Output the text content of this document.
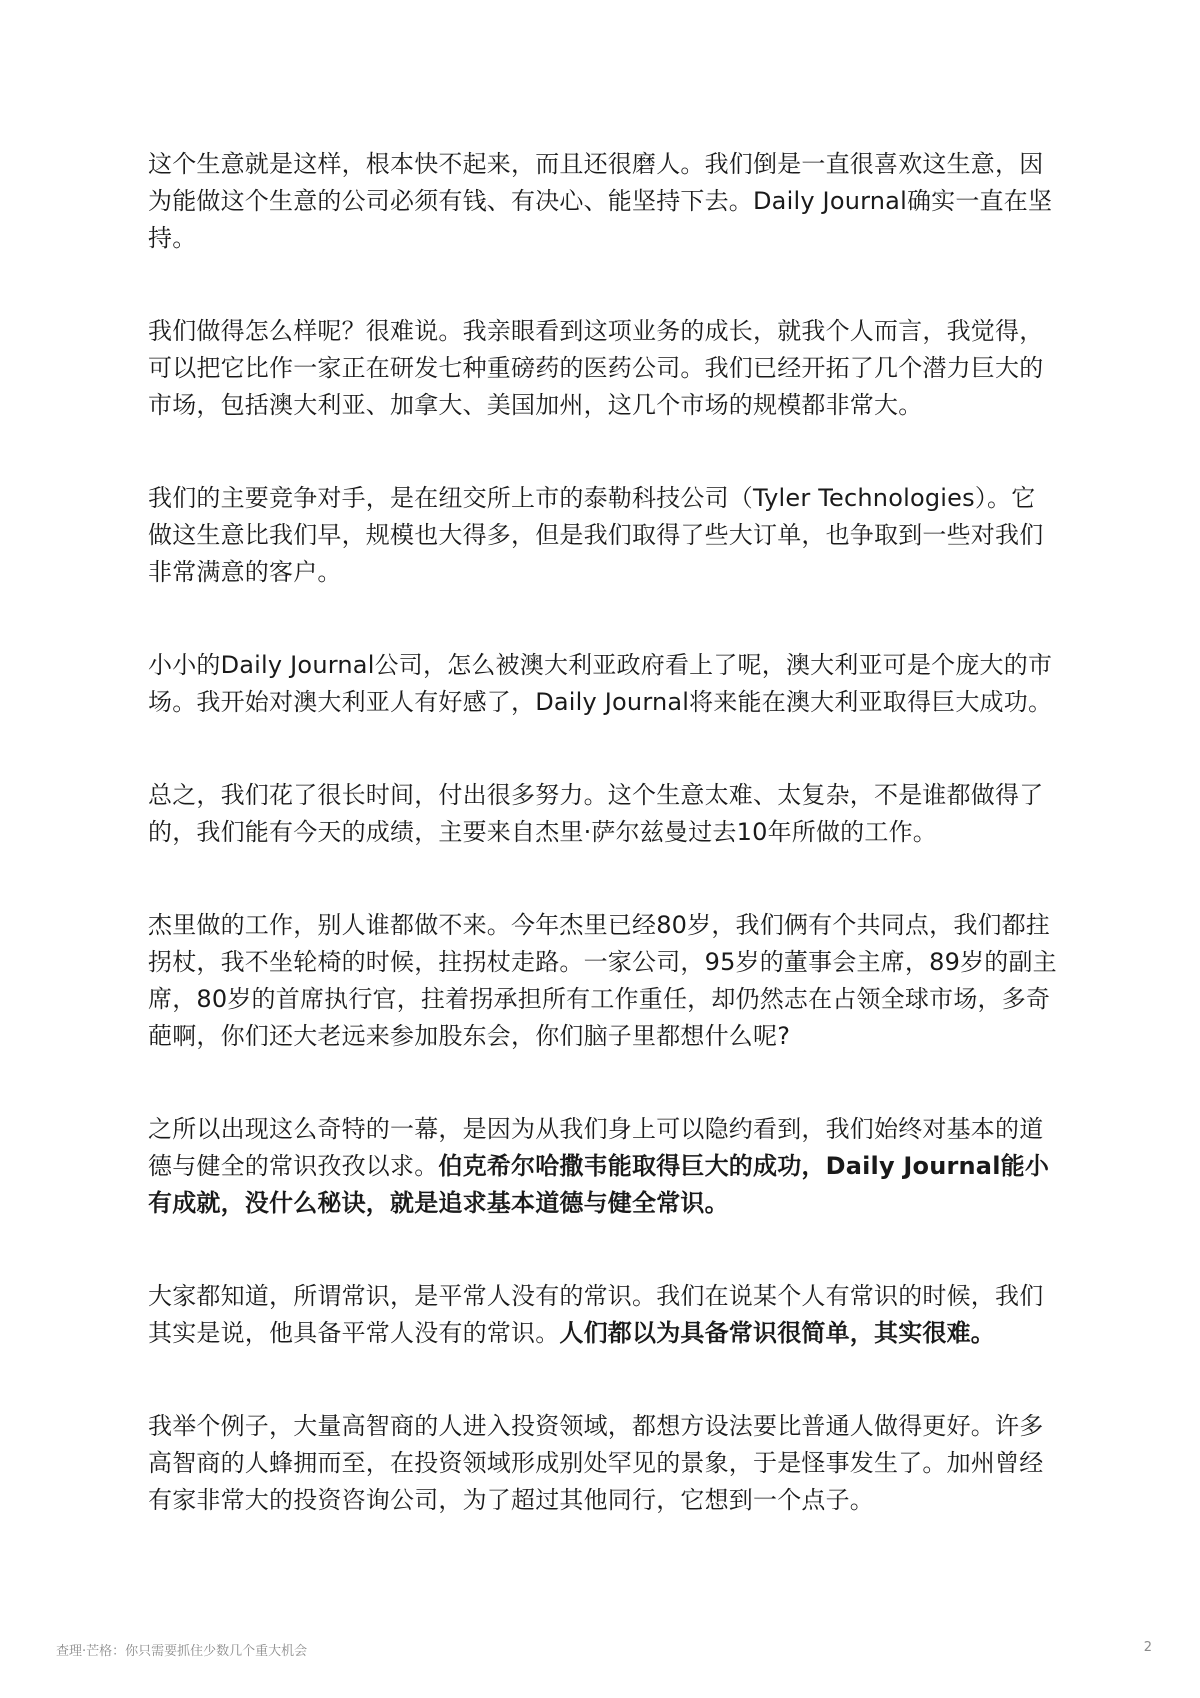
这个生意就是这样，根本快不起来，而且还很磨人。我们倒是一直很喜欢这生意，因为能做这个生意的公司必须有钱、有决心、能坚持下去。Daily Journal确实一直在坚持。

我们做得怎么样呢？很难说。我亲眼看到这项业务的成长，就我个人而言，我觉得，可以把它比作一家正在研发七种重磅药的医药公司。我们已经开拓了几个潜力巨大的市场，包括澳大利亚、加拿大、美国加州，这几个市场的规模都非常大。

我们的主要竞争对手，是在纽交所上市的泰勒科技公司（Tyler Technologies）。它做这生意比我们早，规模也大得多，但是我们取得了些大订单，也争取到一些对我们非常满意的客户。

小小的Daily Journal公司，怎么被澳大利亚政府看上了呢，澳大利亚可是个庞大的市场。我开始对澳大利亚人有好感了，Daily Journal将来能在澳大利亚取得巨大成功。

总之，我们花了很长时间，付出很多努力。这个生意太难、太复杂，不是谁都做得了的，我们能有今天的成绩，主要来自杰里·萨尔兹曼过去10年所做的工作。

杰里做的工作，别人谁都做不来。今年杰里已经80岁，我们俩有个共同点，我们都拄拐杖，我不坐轮椅的时候，拄拐杖走路。一家公司，95岁的董事会主席，89岁的副主席，80岁的首席执行官，拄着拐承担所有工作重任，却仍然志在占领全球市场，多奇葩啊，你们还大老远来参加股东会，你们脑子里都想什么呢?

之所以出现这么奇特的一幕，是因为从我们身上可以隐约看到，我们始终对基本的道德与健全的常识孜孜以求。伯克希尔哈撒韦能取得巨大的成功，Daily Journal能小有成就，没什么秘诀，就是追求基本道德与健全常识。

大家都知道，所谓常识，是平常人没有的常识。我们在说某个人有常识的时候，我们其实是说，他具备平常人没有的常识。人们都以为具备常识很简单，其实很难。

我举个例子，大量高智商的人进入投资领域，都想方设法要比普通人做得更好。许多高智商的人蜂拥而至，在投资领域形成别处罕见的景象，于是怪事发生了。加州曾经有家非常大的投资咨询公司，为了超过其他同行，它想到一个点子。

查理·芒格：你只需要抓住少数几个重大机会	2
